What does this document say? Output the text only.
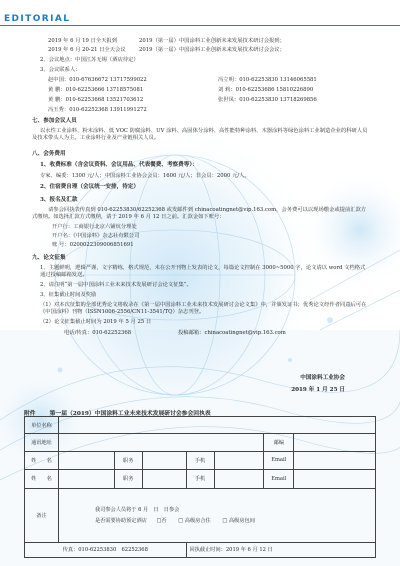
EDITORIAL
2019 年 6 月 19 日全天报到	2019（第一届）中国涂料工业创新未来发展技术研讨会报到；
2019 年 6 月 20-21 日全天会议	2019（第一届）中国涂料工业创新未来发展技术研讨会会议；
2、会议地点：中国江苏无锡（酒店待定）
3、会议联系人：
赵中国：010-67636672 13717599022	冯立明：010-62253830 13146065581
黄 鹏：010-62253666 13718575081	刘 莉：010-62253686 15810226890
黄 鹏：010-62253668 13521703612	张世凤：010-62253830 13718269856
冯玉秀：010-62252368 13911991272
七、参加会议人员
以水性工业涂料、粉末涂料、低 VOC 防腐涂料、UV 涂料、高固体分涂料、高性能特种涂料、木器涂料等绿色涂料工业制造企业的科研人员及技术带头人为主。工业涂料行业及产业链相关人员。
八、会务费用
1、收费标准（含会议资料、会议用品、代表餐费、考察费等）：
专家、编委：1300 元/人；中国涂料工业协会会员：1600 元/人；非会员：2000 元/人。
2、住宿费自理（会议统一安排，待定）
3、报名及汇款
请参会回执表传真到 010-62253830/62252368 或发邮件到 chinacoatingnet@vip.163.com，会务费可以以现场缴金或提前汇款方式缴纳。如选择汇款方式缴纳，请于 2019 年 6 月 12 日之前。汇款金如下账号：
开户行：工商银行北京六铺炕分理处
开户名：《中国涂料》杂志社有限公司
账 号：0200022309006851691
九、论文征集
1、主题鲜明，逻辑严谨，文字精练，格式规范，未在公开刊物上发表的论文，每篇论文控制在 3000~5000 字，论文请以 word 文档格式通过投稿邮箱发送。
2、请注明“第一届中国涂料工业未来技术发展研讨会论文征集”。
3、征集截止时间及奖励
（1）对本次征集的全部优秀论文将收录在《第一届中国涂料工业未来技术发展研讨会论文集》中，并颁发证书；优秀论文经作者同意后可在《中国涂料》刊物（ISSN1006-2556/CN11-3541/TQ）杂志刊登。
（2）论文征集截止时间为 2019 年 5 月 25 日
电话/传真：010-62252368	投稿邮箱：chinacoatingnet@vip.163.com
中国涂料工业协会
2019 年 1 月 25 日
附件 第一届（2019）中国涂料工业未来技术发展研讨会参会回执表
单位名称							
通讯地址						邮编	
姓　　名		职务		手机		Email	
姓　　名		职务		手机		Email	
备注	我司参会人员将于 6 月　日　日参会
是否需要协助预定酒店 □否 □ 高级房合住 □ 高级房包间						

传真：010-62253830　62252368				回执截止时间：2019 年 6 月 12 日			
